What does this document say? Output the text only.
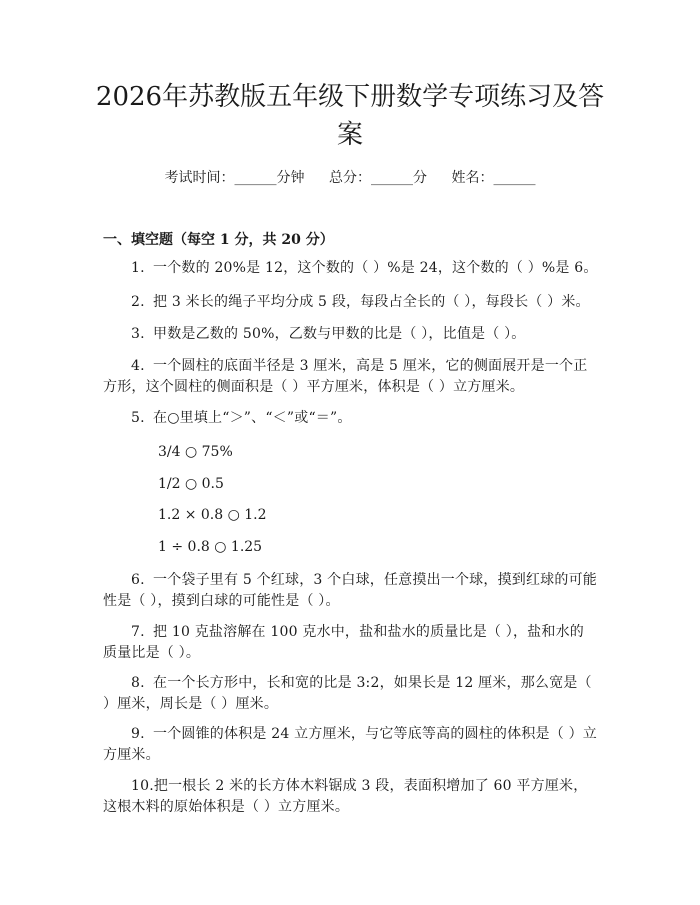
2026年苏教版五年级下册数学专项练习及答案
考试时间：______分钟 总分：______分 姓名：______
一、填空题（每空 1 分，共 20 分）

1. 一个数的 20%是 12，这个数的（ ）%是 24，这个数的（ ）%是 6。

2. 把 3 米长的绳子平均分成 5 段，每段占全长的（ ），每段长（ ）米。

3. 甲数是乙数的 50%，乙数与甲数的比是（ ），比值是（ ）。

4. 一个圆柱的底面半径是 3 厘米，高是 5 厘米，它的侧面展开是一个正方形，这个圆柱的侧面积是（ ）平方厘米，体积是（ ）立方厘米。

5. 在○里填上“＞”、“＜”或“＝”。

3/4 ○ 75%

1/2 ○ 0.5

1.2 × 0.8 ○ 1.2

1 ÷ 0.8 ○ 1.25

6. 一个袋子里有 5 个红球，3 个白球，任意摸出一个球，摸到红球的可能性是（ ），摸到白球的可能性是（ ）。

7. 把 10 克盐溶解在 100 克水中，盐和盐水的质量比是（ ），盐和水的质量比是（ ）。

8. 在一个长方形中，长和宽的比是 3:2，如果长是 12 厘米，那么宽是（ ）厘米，周长是（ ）厘米。

9. 一个圆锥的体积是 24 立方厘米，与它等底等高的圆柱的体积是（ ）立方厘米。

10.把一根长 2 米的长方体木料锯成 3 段，表面积增加了 60 平方厘米，这根木料的原始体积是（ ）立方厘米。
